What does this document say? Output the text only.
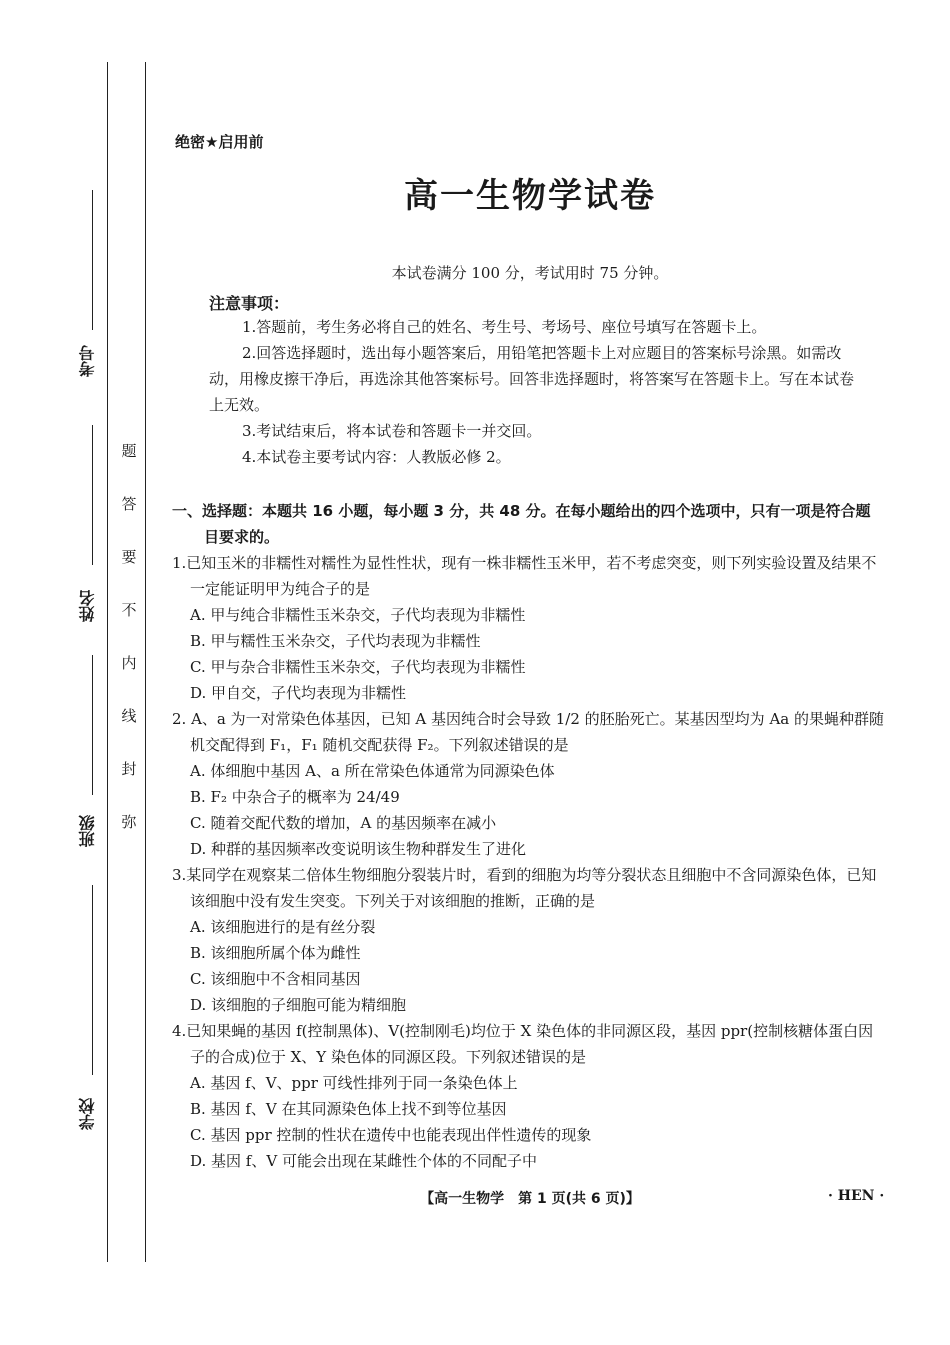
考号
姓名
班级
学校
题
答
要
不
内
线
封
弥
绝密★启用前
高一生物学试卷
本试卷满分 100 分，考试用时 75 分钟。
注意事项：

1.答题前，考生务必将自己的姓名、考生号、考场号、座位号填写在答题卡上。

2.回答选择题时，选出每小题答案后，用铅笔把答题卡上对应题目的答案标号涂黑。如需改动，用橡皮擦干净后，再选涂其他答案标号。回答非选择题时，将答案写在答题卡上。写在本试卷上无效。

3.考试结束后，将本试卷和答题卡一并交回。

4.本试卷主要考试内容：人教版必修 2。

一、选择题：本题共 16 小题，每小题 3 分，共 48 分。在每小题给出的四个选项中，只有一项是符合题目要求的。

1.已知玉米的非糯性对糯性为显性性状，现有一株非糯性玉米甲，若不考虑突变，则下列实验设置及结果不一定能证明甲为纯合子的是

A. 甲与纯合非糯性玉米杂交，子代均表现为非糯性

B. 甲与糯性玉米杂交，子代均表现为非糯性

C. 甲与杂合非糯性玉米杂交，子代均表现为非糯性

D. 甲自交，子代均表现为非糯性

2. A、a 为一对常染色体基因，已知 A 基因纯合时会导致 1/2 的胚胎死亡。某基因型均为 Aa 的果蝇种群随机交配得到 F₁，F₁ 随机交配获得 F₂。下列叙述错误的是

A. 体细胞中基因 A、a 所在常染色体通常为同源染色体

B. F₂ 中杂合子的概率为 24/49

C. 随着交配代数的增加，A 的基因频率在减小

D. 种群的基因频率改变说明该生物种群发生了进化

3.某同学在观察某二倍体生物细胞分裂装片时，看到的细胞为均等分裂状态且细胞中不含同源染色体，已知该细胞中没有发生突变。下列关于对该细胞的推断，正确的是

A. 该细胞进行的是有丝分裂

B. 该细胞所属个体为雌性

C. 该细胞中不含相同基因

D. 该细胞的子细胞可能为精细胞

4.已知果蝇的基因 f(控制黑体)、V(控制刚毛)均位于 X 染色体的非同源区段，基因 ppr(控制核糖体蛋白因子的合成)位于 X、Y 染色体的同源区段。下列叙述错误的是

A. 基因 f、V、ppr 可线性排列于同一条染色体上

B. 基因 f、V 在其同源染色体上找不到等位基因

C. 基因 ppr 控制的性状在遗传中也能表现出伴性遗传的现象

D. 基因 f、V 可能会出现在某雌性个体的不同配子中

【高一生物学　第 1 页(共 6 页)】	· HEN ·
